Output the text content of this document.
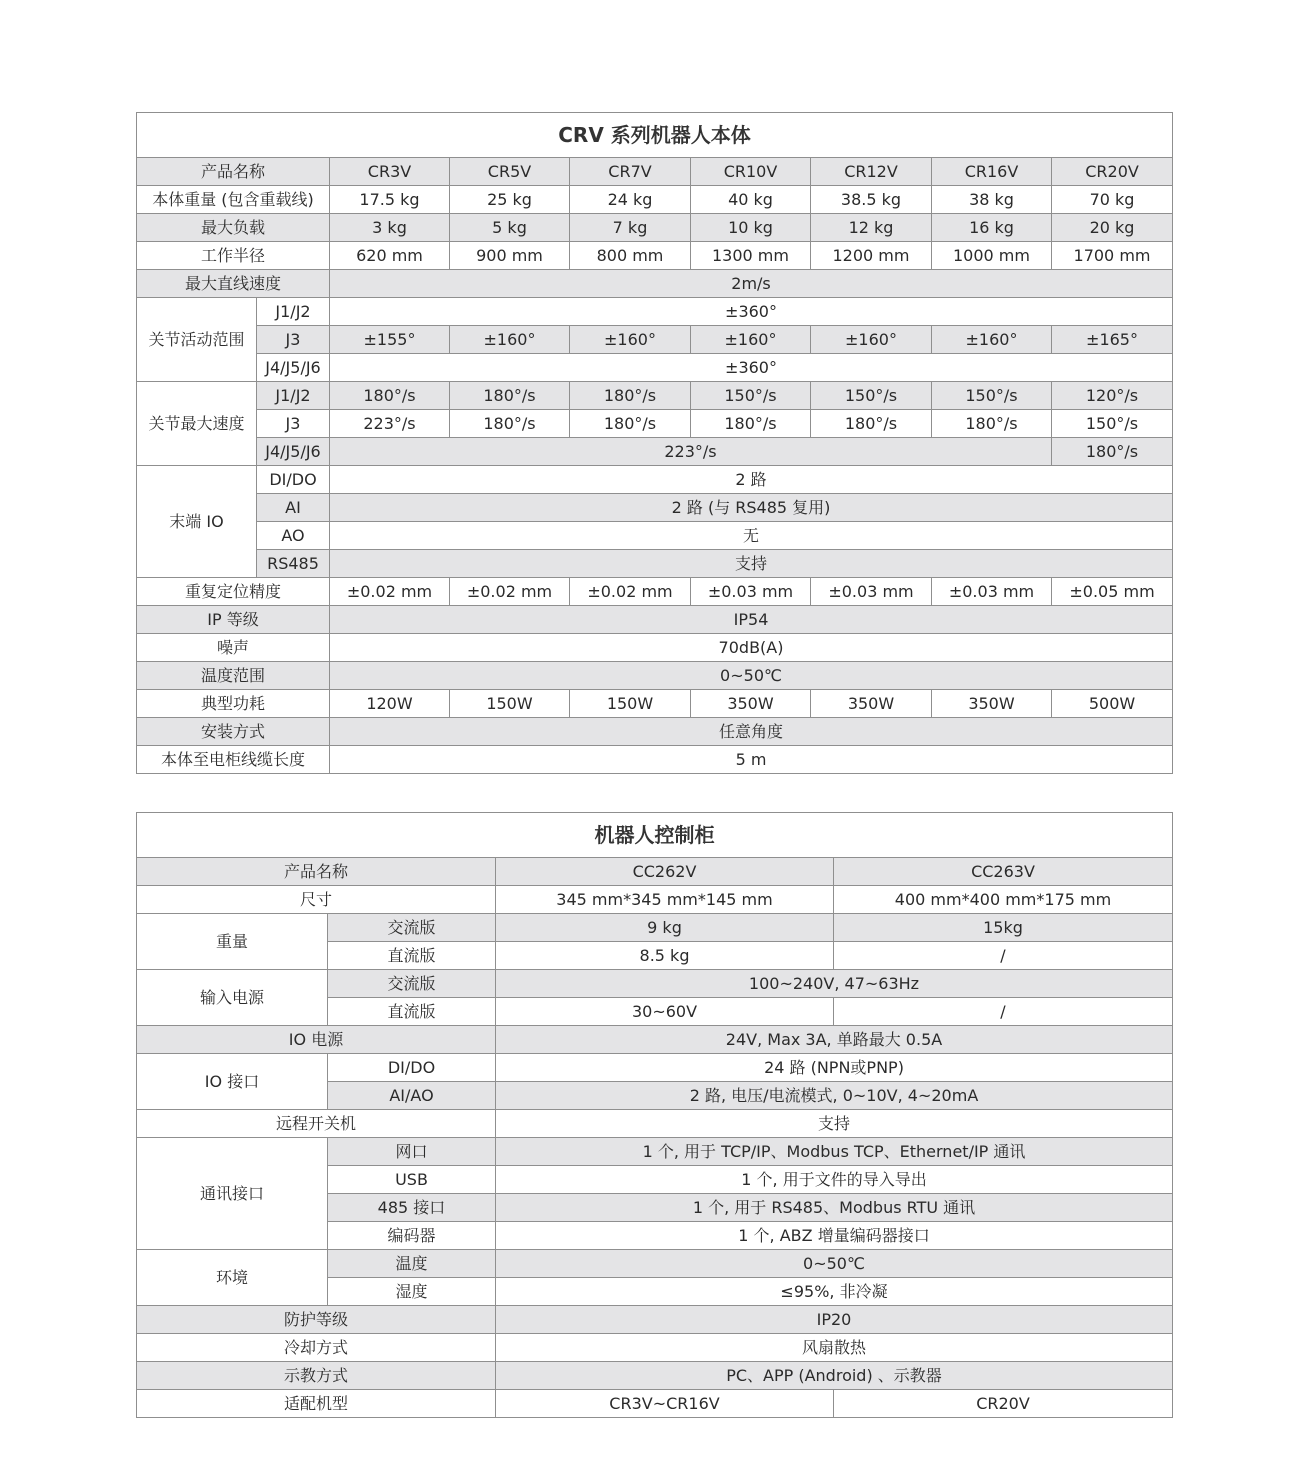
CRV 系列机器人本体								
产品名称		CR3V	CR5V	CR7V	CR10V	CR12V	CR16V	CR20V
本体重量 (包含重载线)		17.5 kg	25 kg	24 kg	40 kg	38.5 kg	38 kg	70 kg
最大负载		3 kg	5 kg	7 kg	10 kg	12 kg	16 kg	20 kg
工作半径		620 mm	900 mm	800 mm	1300 mm	1200 mm	1000 mm	1700 mm
最大直线速度		2m/s						
关节活动范围	J1/J2	±360°						
	J3	±155°	±160°	±160°	±160°	±160°	±160°	±165°
	J4/J5/J6	±360°						
关节最大速度	J1/J2	180°/s	180°/s	180°/s	150°/s	150°/s	150°/s	120°/s
	J3	223°/s	180°/s	180°/s	180°/s	180°/s	180°/s	150°/s
	J4/J5/J6	223°/s						180°/s
末端 IO	DI/DO	2 路						
	AI	2 路 (与 RS485 复用)						
	AO	无						
	RS485	支持						
重复定位精度		±0.02 mm	±0.02 mm	±0.02 mm	±0.03 mm	±0.03 mm	±0.03 mm	±0.05 mm
IP 等级		IP54						
噪声		70dB(A)						
温度范围		0~50℃						
典型功耗		120W	150W	150W	350W	350W	350W	500W
安装方式		任意角度						
本体至电柜线缆长度		5 m						
机器人控制柜			
产品名称		CC262V	CC263V
尺寸		345 mm*345 mm*145 mm	400 mm*400 mm*175 mm
重量	交流版	9 kg	15kg
	直流版	8.5 kg	/
输入电源	交流版	100~240V, 47~63Hz	
	直流版	30~60V	/
IO 电源		24V, Max 3A, 单路最大 0.5A	
IO 接口	DI/DO	24 路 (NPN或PNP)	
	AI/AO	2 路, 电压/电流模式, 0~10V, 4~20mA	
远程开关机		支持	
通讯接口	网口	1 个, 用于 TCP/IP、Modbus TCP、Ethernet/IP 通讯	
	USB	1 个, 用于文件的导入导出	
	485 接口	1 个, 用于 RS485、Modbus RTU 通讯	
	编码器	1 个, ABZ 增量编码器接口	
环境	温度	0~50℃	
	湿度	≤95%, 非冷凝	
防护等级		IP20	
冷却方式		风扇散热	
示教方式		PC、APP (Android) 、示教器	
适配机型		CR3V~CR16V	CR20V
